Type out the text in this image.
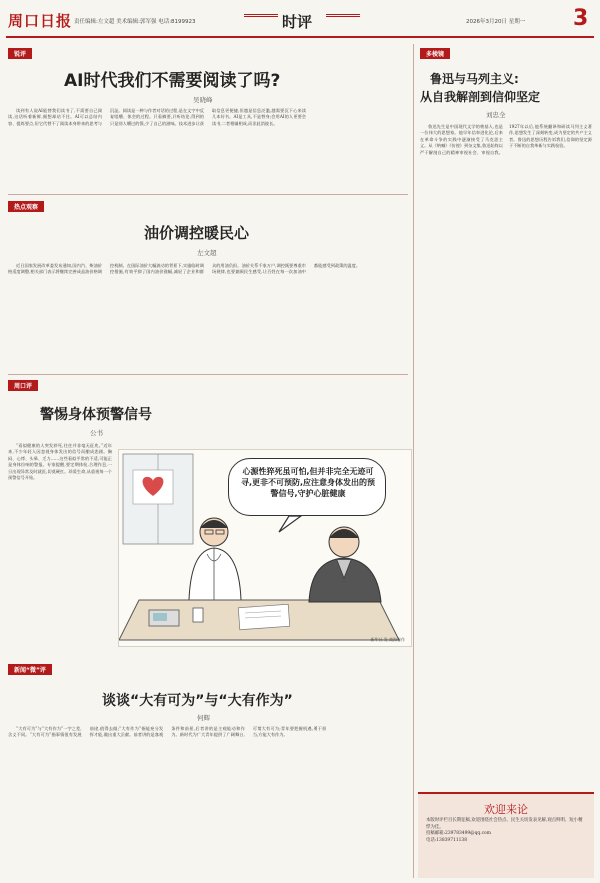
周口日报 责任编辑:左文超 美术编辑:郭军强 电话:8199923	时评	2026年3月20日 星期一 3
锐评
AI时代我们不需要阅读了吗?
吴晓峰

读到有人说AI能替我们读书了,不需要自己阅读,这话听着新鲜,细想却站不住。AI可以总结内容、提炼要点,但它代替不了阅读本身带来的思考与沉淀。阅读是一种与作者对话的过程,是在文字中反复咀嚼、体会的过程。只看摘要,只听结论,得到的只是别人嚼过的馍,少了自己的滋味。技术进步让获取信息更便捷,但越是信息泛滥,越需要沉下心来读几本好书。AI是工具,不是替身;会用AI的人更要会读书,二者相辅相成,而非此消彼长。

热点观察
油价调控暖民心
左文超

近日国家发展改革委发布通知,国内汽、柴油价格适度调整,相关部门表示将继续完善成品油价格调控机制。在国际油价大幅波动的背景下,实施临时调控措施,有效平抑了国内油价涨幅,减轻了企业和群众的用油负担。油价关系千家万户,调控既要尊重市场规律,也要兼顾民生感受,让百姓在每一次加油中都能感受到政策的温度。

周口评
警惕身体预警信号
公书

“看似健康的人突发猝死,往往并非毫无征兆。”近年来,不少年轻人因忽视身体发出的信号而酿成悲剧。胸闷、心悸、头晕、乏力……这些看似平常的不适,可能正是身体拉响的警报。专家提醒,要定期体检,合理作息,一旦出现异常及时就医,切莫硬扛。珍爱生命,从重视每一个预警信号开始。

心源性猝死虽可怕,但并非完全无迹可寻,更非不可预防,应注意身体发出的预警信号,守护心脏健康
新华社 发 商海春作
新闻“微”评
谈谈“大有可为”与“大有作为”
何辉

“大有可为”与“大有作为”一字之差,含义不同。“大有可为”指事情很有发展前途,值得去做;“大有作为”指能充分发挥才能,做出重大贡献。前者讲的是客观条件和前景,后者讲的是主观能动和作为。新时代为广大青年提供了广阔舞台,可谓大有可为;青年要把握机遇,勇于担当,方能大有作为。

多棱镜
鲁迅与马列主义:
从自我解剖到信仰坚定
刘忠全

鲁迅先生是中国现代文学的奠基人,也是一位伟大的思想家。他早年信奉进化论,后来在革命斗争的实践中逐渐接受了马克思主义。从《呐喊》《彷徨》到杂文集,鲁迅始终以严于解剖自己的精神审视社会、审视自我。1927年以后,他系统翻译和研读马列主义著作,思想发生了深刻转变,成为坚定的共产主义者。鲁迅的思想历程告诉我们,信仰的坚定源于不断的自我革新与实践检验。

欢迎来论
本版时评栏目长期征稿,欢迎围绕社会热点、民生关切发表见解,观点鲜明、短小精悍为佳。
投稿邮箱:239783499@qq.com
电话:13839711138
